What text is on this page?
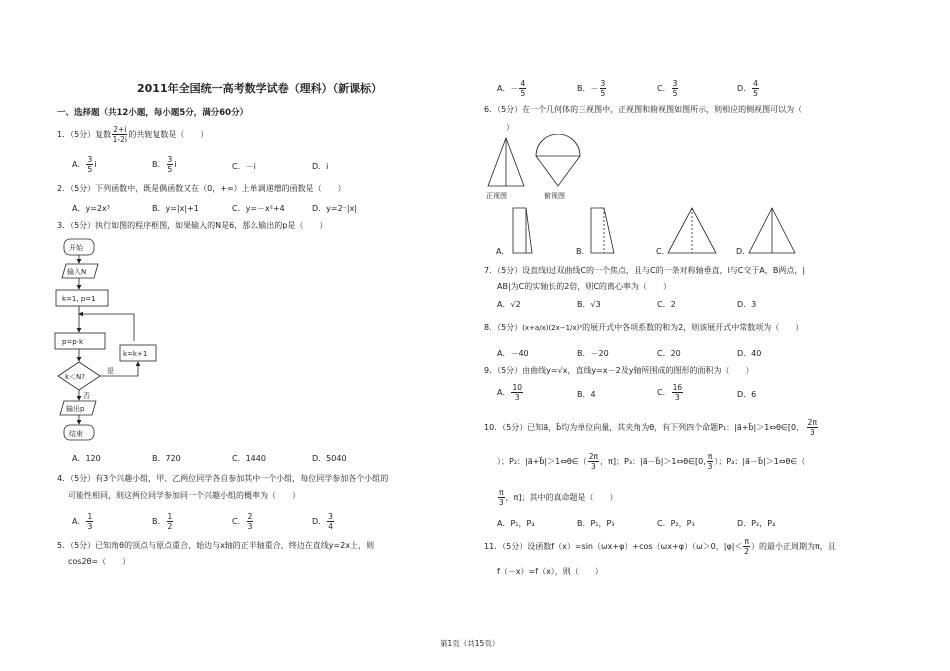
2011年全国统一高考数学试卷（理科）（新课标）
一、选择题（共12小题，每小题5分，满分60分）
1．（5分）复数 $\frac{2+i}{1-2i}$ 的共轭复数是（　　）
A． $\frac{3}{5}$ i	B． $\frac{3}{5}$ i	C．－i	D．i
2．（5分）下列函数中，既是偶函数又在（0，+∞）上单调递增的函数是（　　）
A．y=2x³	B．y=|x|+1	C．y=－x²+4	D．y=2⁻|x|
3．（5分）执行如图的程序框图，如果输入的N是6，那么输出的p是（　　）
开始
输入N
k=1, p=1
p=p·k
k=k+1
k＜N?
是
否
输出p
结束
A．120	B．720	C．1440	D．5040
4．（5分）有3个兴趣小组，甲、乙两位同学各自参加其中一个小组，每位同学参加各个小组的
可能性相同，则这两位同学参加同一个兴趣小组的概率为（　　）
A． $\frac{1}{3}$	B． $\frac{1}{2}$	C． $\frac{2}{3}$	D． $\frac{3}{4}$
5．（5分）已知角θ的顶点与原点重合，始边与x轴的正半轴重合，终边在直线y=2x上，则
cos2θ=（　　）
A．－ $\frac{4}{5}$	B．－ $\frac{3}{5}$	C． $\frac{3}{5}$	D． $\frac{4}{5}$
6．（5分）在一个几何体的三视图中，正视图和俯视图如图所示，则相应的侧视图可以为（
）
正视图	俯视图
A．	B．	C．	D．
7．（5分）设直线l过双曲线C的一个焦点，且与C的一条对称轴垂直，l与C交于A，B两点，|
AB|为C的实轴长的2倍，则C的离心率为（　　）
A．√2	B．√3	C．2	D．3
8．（5分）(x+a/x)(2x−1/x)⁵的展开式中各项系数的和为2，则该展开式中常数项为（　　）
A．－40	B．－20	C．20	D．40
9．（5分）由曲线y=√x，直线y=x－2及y轴所围成的图形的面积为（　　）
A． $\frac{10}{3}$	B．4	C． $\frac{16}{3}$	D．6
10．（5分）已知a⃗，b⃗均为单位向量，其夹角为θ，有下列四个命题P₁：|a⃗+b⃗|＞1⇔θ∈[0, $\frac{2\pi}{3}$
）；P₂：|a⃗+b⃗|＞1⇔θ∈（ $\frac{2\pi}{3}$ ，π]；P₃：|a⃗－b⃗|＞1⇔θ∈[0, $\frac{\pi}{3}$ ）；P₄：|a⃗－b⃗|＞1⇔θ∈（
$\frac{\pi}{3}$ ，π]；其中的真命题是（　　）
A．P₁，P₄	B．P₁，P₃	C．P₂，P₃	D．P₂，P₄
11．（5分）设函数f（x）=sin（ωx+φ）+cos（ωx+φ）（ω＞0，$|\varphi|< \frac{\pi}{2}$ ）的最小正周期为π，且
f（－x）=f（x），则（　　）
第1页（共15页）
